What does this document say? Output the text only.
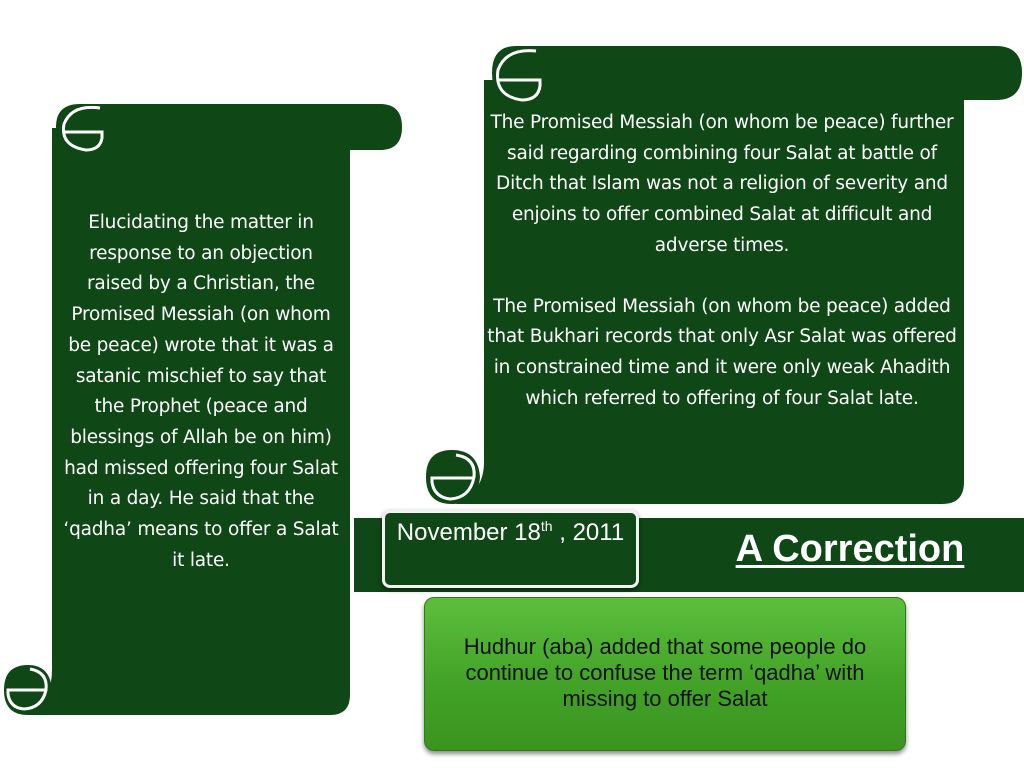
Elucidating the matter in response to an objection raised by a Christian, the Promised Messiah (on whom be peace) wrote that it was a satanic mischief to say that the Prophet (peace and blessings of Allah be on him) had missed offering four Salat in a day. He said that the ‘qadha’ means to offer a Salat it late.

The Promised Messiah (on whom be peace) further said regarding combining four Salat at battle of Ditch that Islam was not a religion of severity and enjoins to offer combined Salat at difficult and adverse times.

The Promised Messiah (on whom be peace) added that Bukhari records that only Asr Salat was offered in constrained time and it were only weak Ahadith which referred to offering of four Salat late.

November 18th , 2011	A Correction
Hudhur (aba) added that some people do continue to confuse the term ‘qadha’ with missing to offer Salat
